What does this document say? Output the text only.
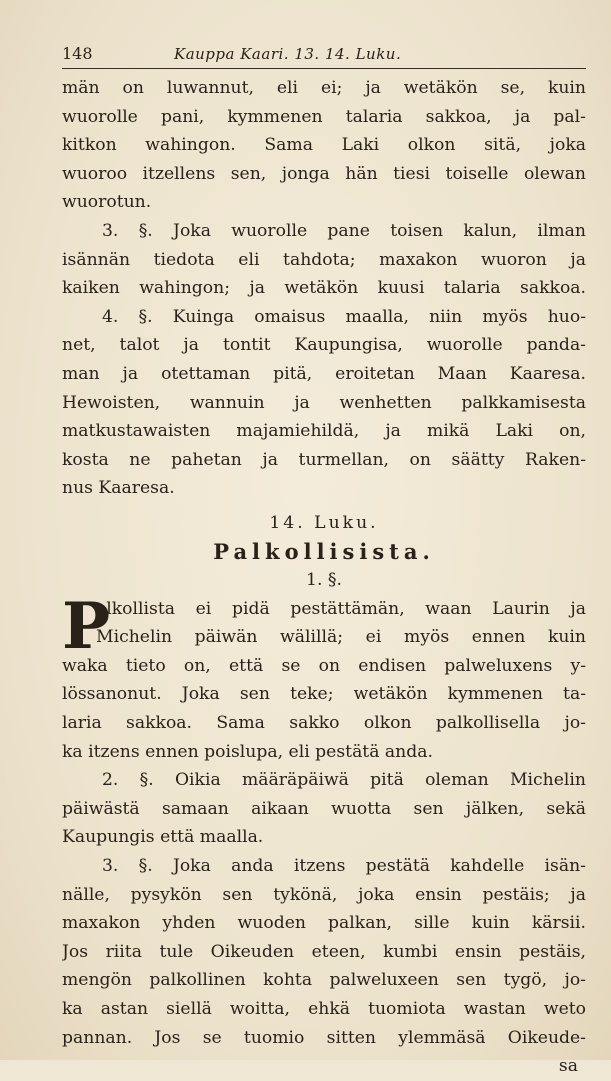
148	Kauppa Kaari. 13. 14. Luku.
män on luwannut, eli ei; ja wetäkön se, kuin
wuorolle pani, kymmenen talaria sakkoa, ja pal-
kitkon wahingon. Sama Laki olkon sitä, joka
wuoroo itzellens sen, jonga hän tiesi toiselle olewan
wuorotun.
3. §. Joka wuorolle pane toisen kalun, ilman
isännän tiedota eli tahdota; maxakon wuoron ja
kaiken wahingon; ja wetäkön kuusi talaria sakkoa.
4. §. Kuinga omaisus maalla, niin myös huo-
net, talot ja tontit Kaupungisa, wuorolle panda-
man ja otettaman pitä, eroitetan Maan Kaaresa.
Hewoisten, wannuin ja wenhetten palkkamisesta
matkustawaisten majamiehildä, ja mikä Laki on,
kosta ne pahetan ja turmellan, on säätty Raken-
nus Kaaresa.
14. Luku.
Palkollisista.
1. §.
P
alkollista ei pidä pestättämän, waan Laurin ja
Michelin päiwän wälillä; ei myös ennen kuin
waka tieto on, että se on endisen palweluxens y-
lössanonut. Joka sen teke; wetäkön kymmenen ta-
laria sakkoa. Sama sakko olkon palkollisella jo-
ka itzens ennen poislupa, eli pestätä anda.
2. §. Oikia määräpäiwä pitä oleman Michelin
päiwästä samaan aikaan wuotta sen jälken, sekä
Kaupungis että maalla.
3. §. Joka anda itzens pestätä kahdelle isän-
nälle, pysykön sen tykönä, joka ensin pestäis; ja
maxakon yhden wuoden palkan, sille kuin kärsii.
Jos riita tule Oikeuden eteen, kumbi ensin pestäis,
mengön palkollinen kohta palweluxeen sen tygö, jo-
ka astan siellä woitta, ehkä tuomiota wastan weto
pannan. Jos se tuomio sitten ylemmäsä Oikeude-
sa
